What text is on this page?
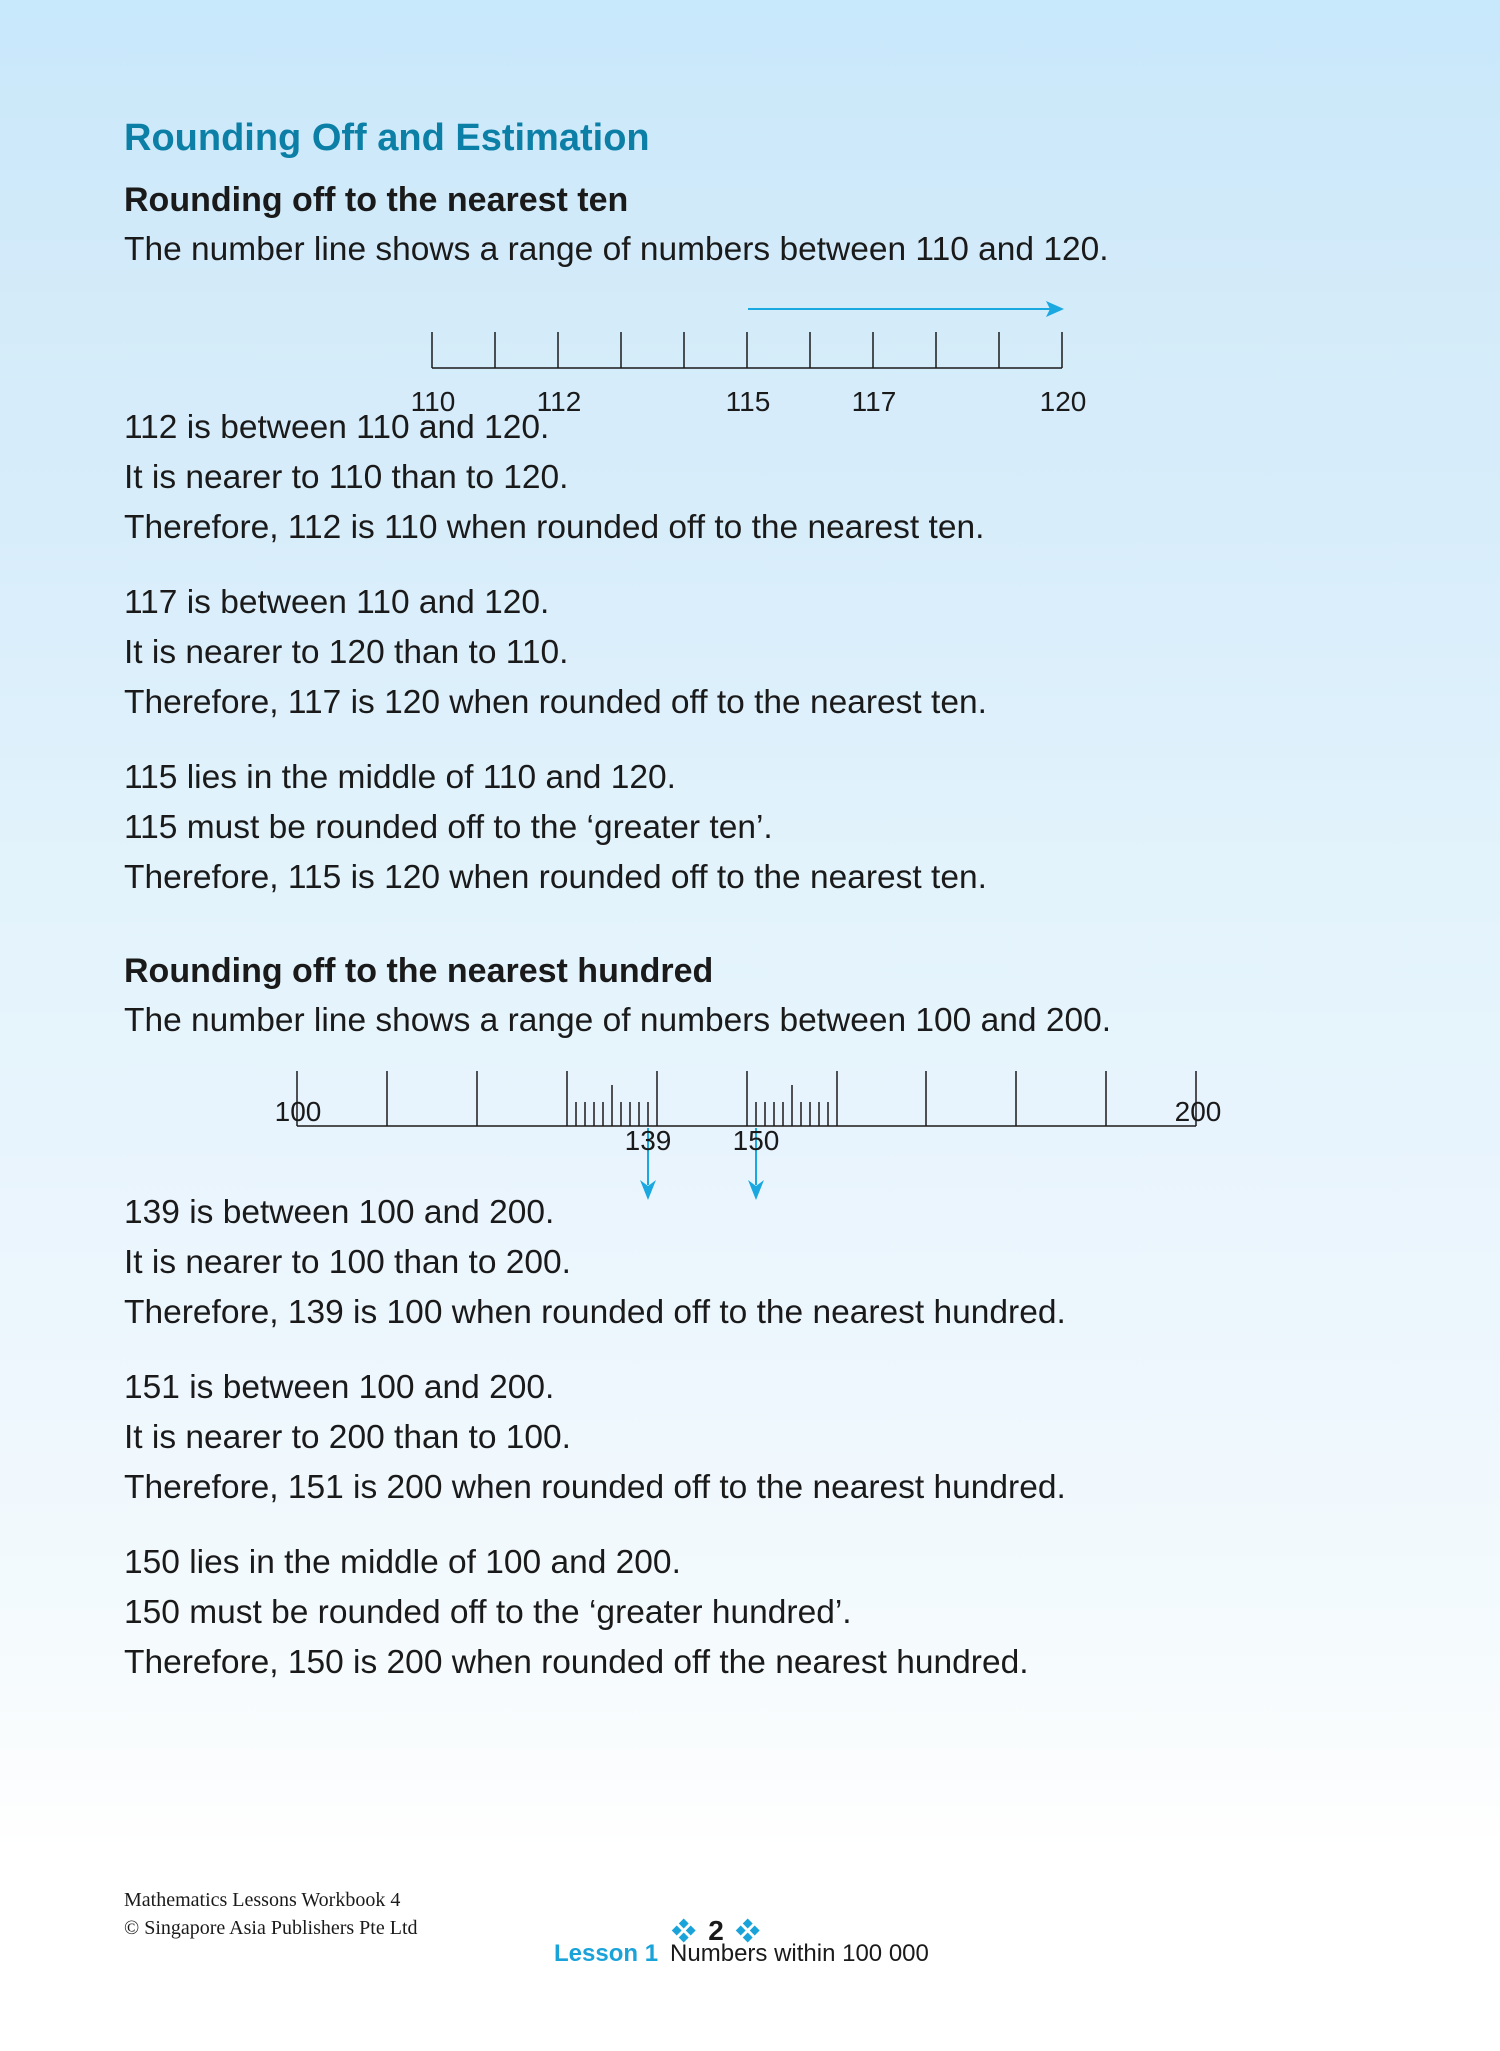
Rounding Off and Estimation
Rounding off to the nearest ten
The number line shows a range of numbers between 110 and 120.
110	112	115	117	120
112 is between 110 and 120.
It is nearer to 110 than to 120.
Therefore, 112 is 110 when rounded off to the nearest ten.
117 is between 110 and 120.
It is nearer to 120 than to 110.
Therefore, 117 is 120 when rounded off to the nearest ten.
115 lies in the middle of 110 and 120.
115 must be rounded off to the ‘greater ten’.
Therefore, 115 is 120 when rounded off to the nearest ten.
Rounding off to the nearest hundred
The number line shows a range of numbers between 100 and 200.
100	200
139 150
139 is between 100 and 200.
It is nearer to 100 than to 200.
Therefore, 139 is 100 when rounded off to the nearest hundred.
151 is between 100 and 200.
It is nearer to 200 than to 100.
Therefore, 151 is 200 when rounded off to the nearest hundred.
150 lies in the middle of 100 and 200.
150 must be rounded off to the ‘greater hundred’.
Therefore, 150 is 200 when rounded off the nearest hundred.
Mathematics Lessons Workbook 4
© Singapore Asia Publishers Pte Ltd	2
Lesson 1 Numbers within 100 000
